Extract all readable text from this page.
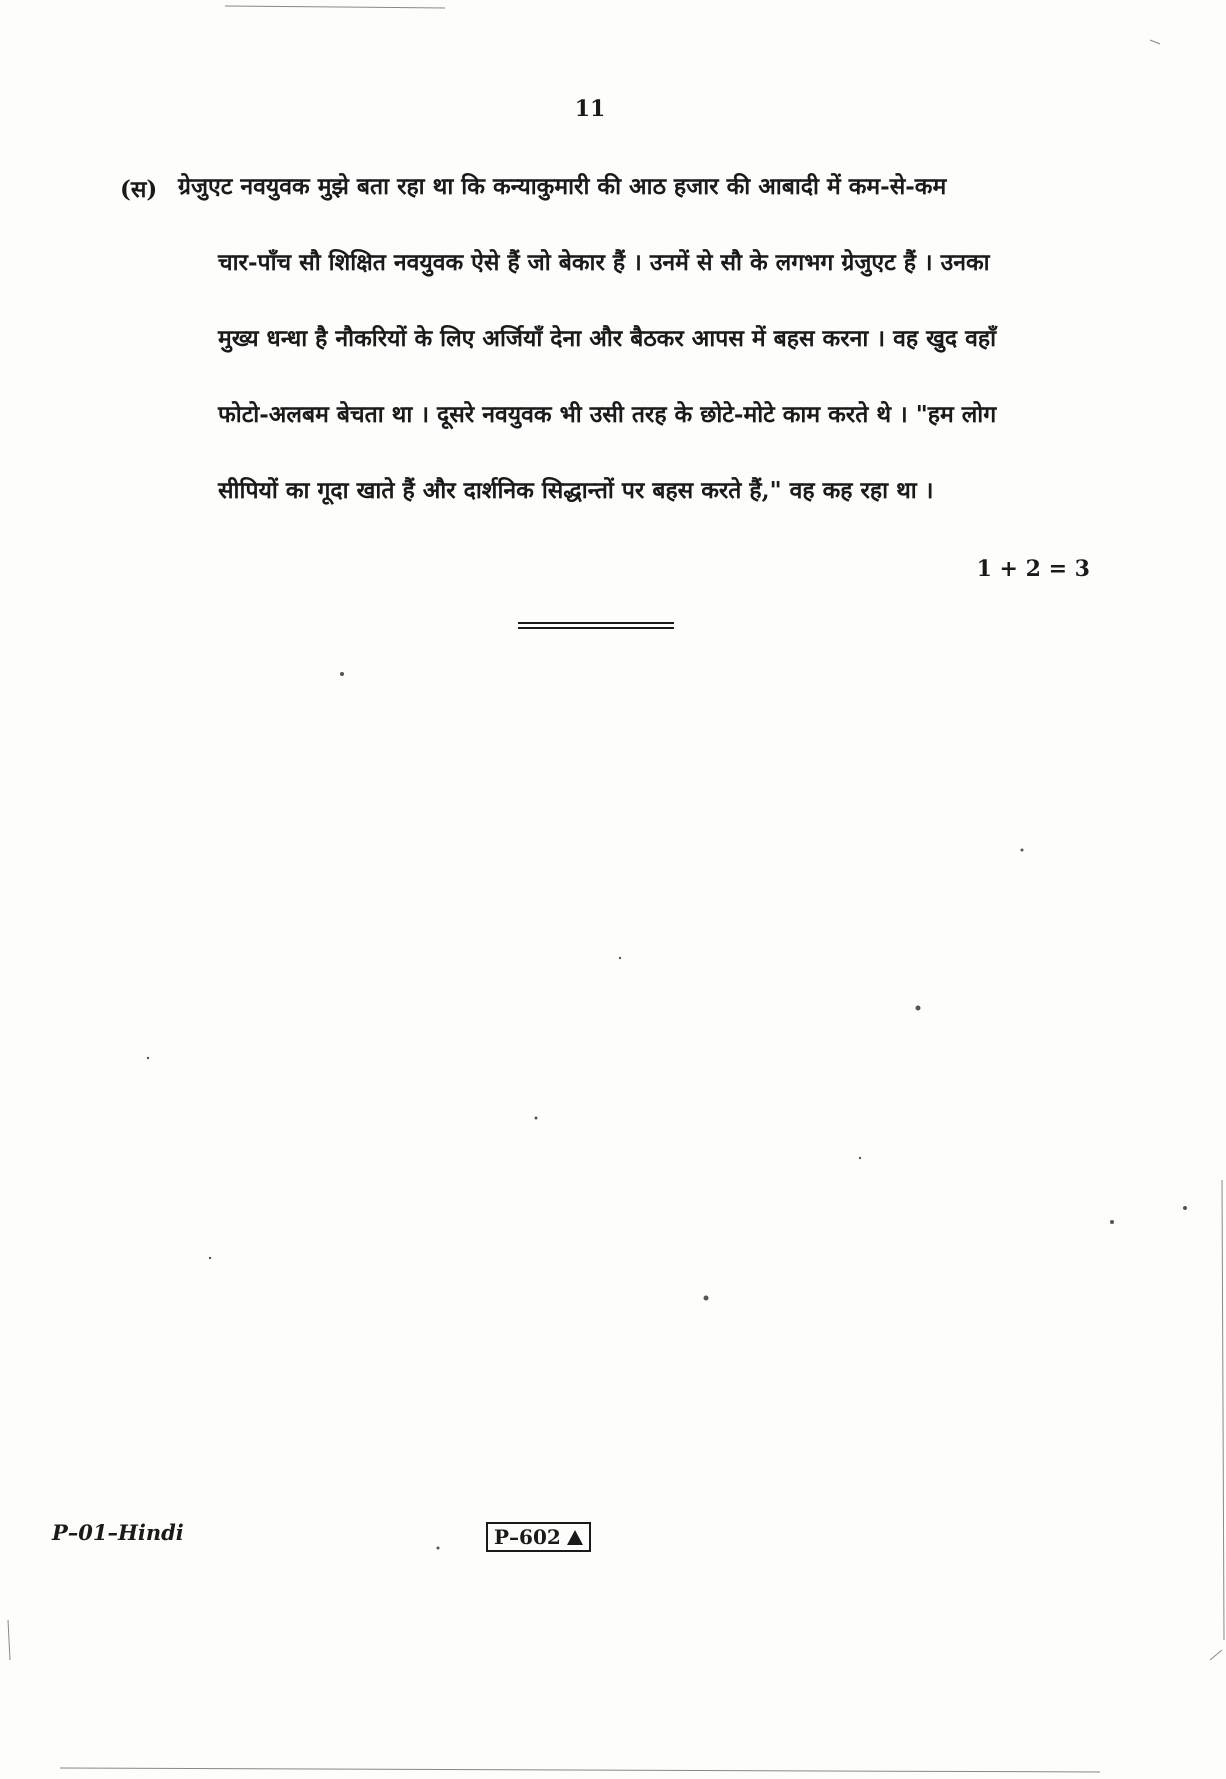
11
(स) ग्रेजुएट नवयुवक मुझे बता रहा था कि कन्याकुमारी की आठ हजार की आबादी में कम-से-कम
चार-पाँच सौ शिक्षित नवयुवक ऐसे हैं जो बेकार हैं । उनमें से सौ के लगभग ग्रेजुएट हैं । उनका
मुख्य धन्धा है नौकरियों के लिए अर्जियाँ देना और बैठकर आपस में बहस करना । वह खुद वहाँ
फोटो-अलबम बेचता था । दूसरे नवयुवक भी उसी तरह के छोटे-मोटे काम करते थे । "हम लोग
सीपियों का गूदा खाते हैं और दार्शनिक सिद्धान्तों पर बहस करते हैं," वह कह रहा था ।
1 + 2 = 3
P–01–Hindi	P–602
